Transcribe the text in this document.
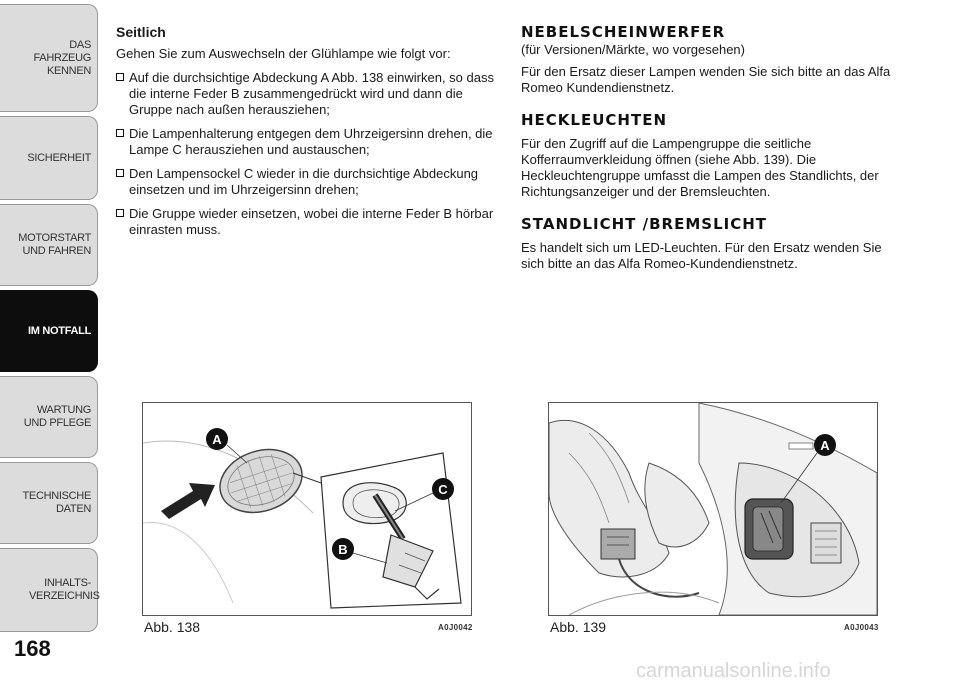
DAS FAHRZEUG KENNEN
SICHERHEIT
MOTORSTART UND FAHREN
IM NOTFALL
WARTUNG UND PFLEGE
TECHNISCHE DATEN
INHALTS-VERZEICHNIS
168
Seitlich

Gehen Sie zum Auswechseln der Glühlampe wie folgt vor:

Auf die durchsichtige Abdeckung A Abb. 138 einwirken, so dass die interne Feder B zusammengedrückt wird und dann die Gruppe nach außen herausziehen;
Die Lampenhalterung entgegen dem Uhrzeigersinn drehen, die Lampe C herausziehen und austauschen;
Den Lampensockel C wieder in die durchsichtige Abdeckung einsetzen und im Uhrzeigersinn drehen;
Die Gruppe wieder einsetzen, wobei die interne Feder B hörbar einrasten muss.
NEBELSCHEINWERFER

(für Versionen/Märkte, wo vorgesehen)

Für den Ersatz dieser Lampen wenden Sie sich bitte an das Alfa Romeo Kundendienstnetz.

HECKLEUCHTEN

Für den Zugriff auf die Lampengruppe die seitliche Kofferraumverkleidung öffnen (siehe Abb. 139). Die Heckleuchtengruppe umfasst die Lampen des Standlichts, der Richtungsanzeiger und der Bremsleuchten.

STANDLICHT /BREMSLICHT

Es handelt sich um LED-Leuchten. Für den Ersatz wenden Sie sich bitte an das Alfa Romeo-Kundendienstnetz.

A
B
C
Abb. 138	A0J0042
A
Abb. 139	A0J0043
carmanualsonline.info
